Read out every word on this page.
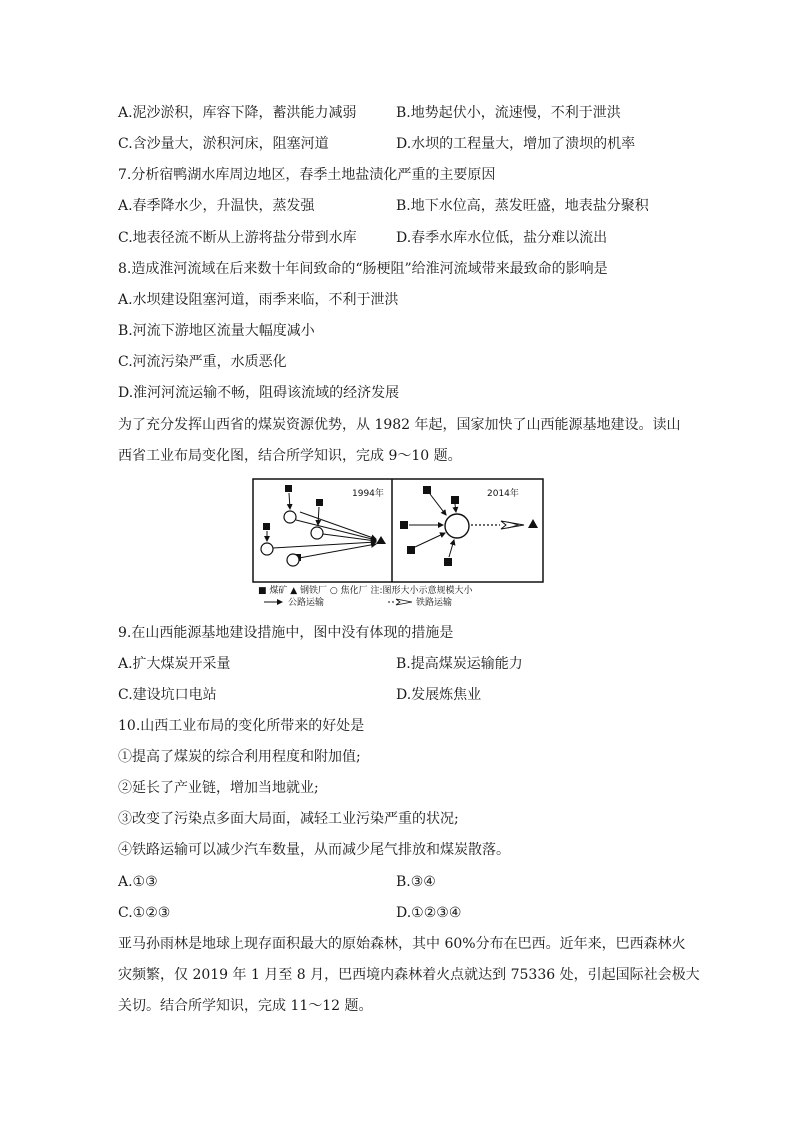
A.泥沙淤积，库容下降，蓄洪能力减弱	B.地势起伏小，流速慢，不利于泄洪
C.含沙量大，淤积河床，阻塞河道	D.水坝的工程量大，增加了溃坝的机率
7.分析宿鸭湖水库周边地区，春季土地盐渍化严重的主要原因
A.春季降水少，升温快，蒸发强	B.地下水位高，蒸发旺盛，地表盐分聚积
C.地表径流不断从上游将盐分带到水库	D.春季水库水位低，盐分难以流出
8.造成淮河流域在后来数十年间致命的“肠梗阻”给淮河流域带来最致命的影响是
A.水坝建设阻塞河道，雨季来临，不利于泄洪
B.河流下游地区流量大幅度减小
C.河流污染严重，水质恶化
D.淮河河流运输不畅，阻碍该流域的经济发展
为了充分发挥山西省的煤炭资源优势，从 1982 年起，国家加快了山西能源基地建设。读山
西省工业布局变化图，结合所学知识，完成 9～10 题。
1994年	2014年
■ 煤矿 ▲ 钢铁厂 ○ 焦化厂 注:图形大小示意规模大小
公路运输	铁路运输
9.在山西能源基地建设措施中，图中没有体现的措施是
A.扩大煤炭开采量	B.提高煤炭运输能力
C.建设坑口电站	D.发展炼焦业
10.山西工业布局的变化所带来的好处是
①提高了煤炭的综合利用程度和附加值;
②延长了产业链，增加当地就业;
③改变了污染点多面大局面，减轻工业污染严重的状况;
④铁路运输可以减少汽车数量，从而减少尾气排放和煤炭散落。
A.①③	B.③④
C.①②③	D.①②③④
亚马孙雨林是地球上现存面积最大的原始森林，其中 60%分布在巴西。近年来，巴西森林火
灾频繁，仅 2019 年 1 月至 8 月，巴西境内森林着火点就达到 75336 处，引起国际社会极大
关切。结合所学知识，完成 11～12 题。
